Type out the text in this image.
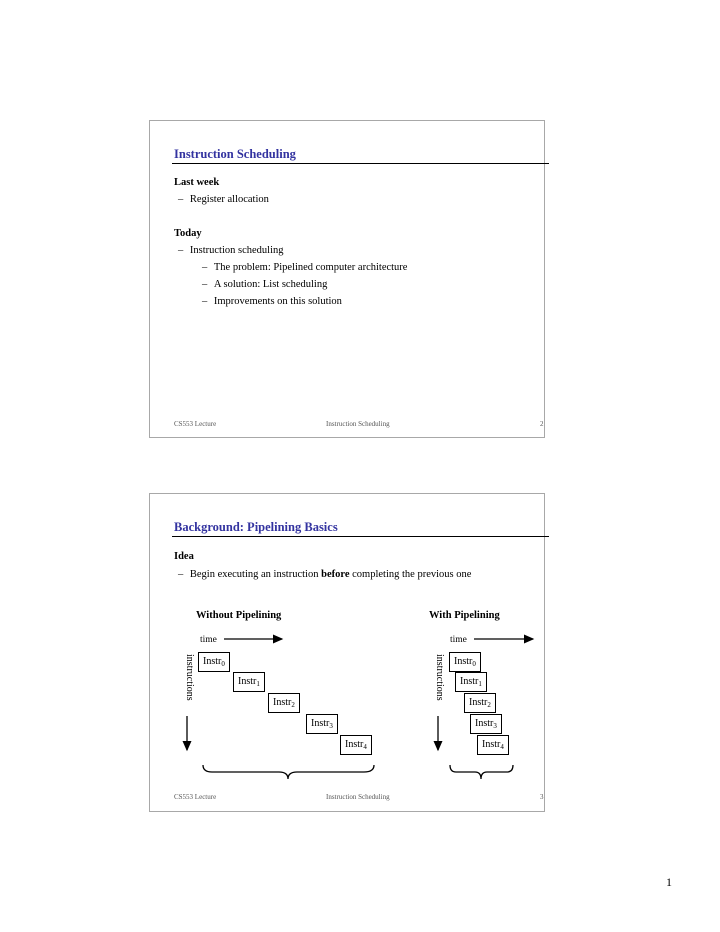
Instruction Scheduling
Last week
– Register allocation
Today
– Instruction scheduling
– The problem: Pipelined computer architecture
– A solution: List scheduling
– Improvements on this solution
CS553 Lecture	Instruction Scheduling	2
Background: Pipelining Basics
Idea
– Begin executing an instruction before completing the previous one
Without Pipelining
time
instructions Instr$_0$
Instr$_1$
Instr$_2$
Instr$_3$
Instr$_4$
With Pipelining
time
instructions Instr$_0$
Instr$_1$
Instr$_2$
Instr$_3$
Instr$_4$
CS553 Lecture	Instruction Scheduling	3
1
